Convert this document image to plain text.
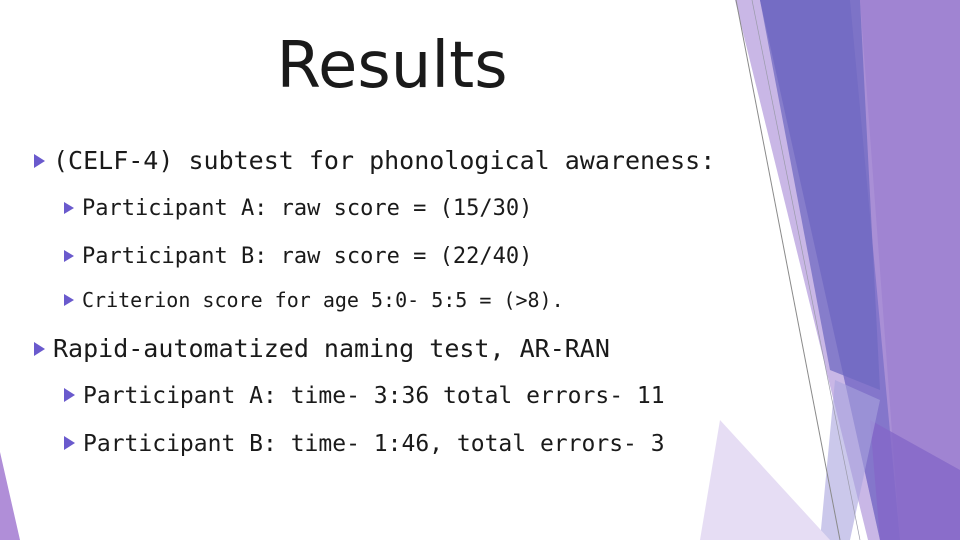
Results
(CELF-4) subtest for phonological awareness:
Participant A: raw score = (15/30)
Participant B: raw score = (22/40)
Criterion score for age 5:0- 5:5 = (>8).
Rapid-automatized naming test, AR-RAN
Participant A: time- 3:36 total errors- 11
Participant B: time- 1:46, total errors- 3
